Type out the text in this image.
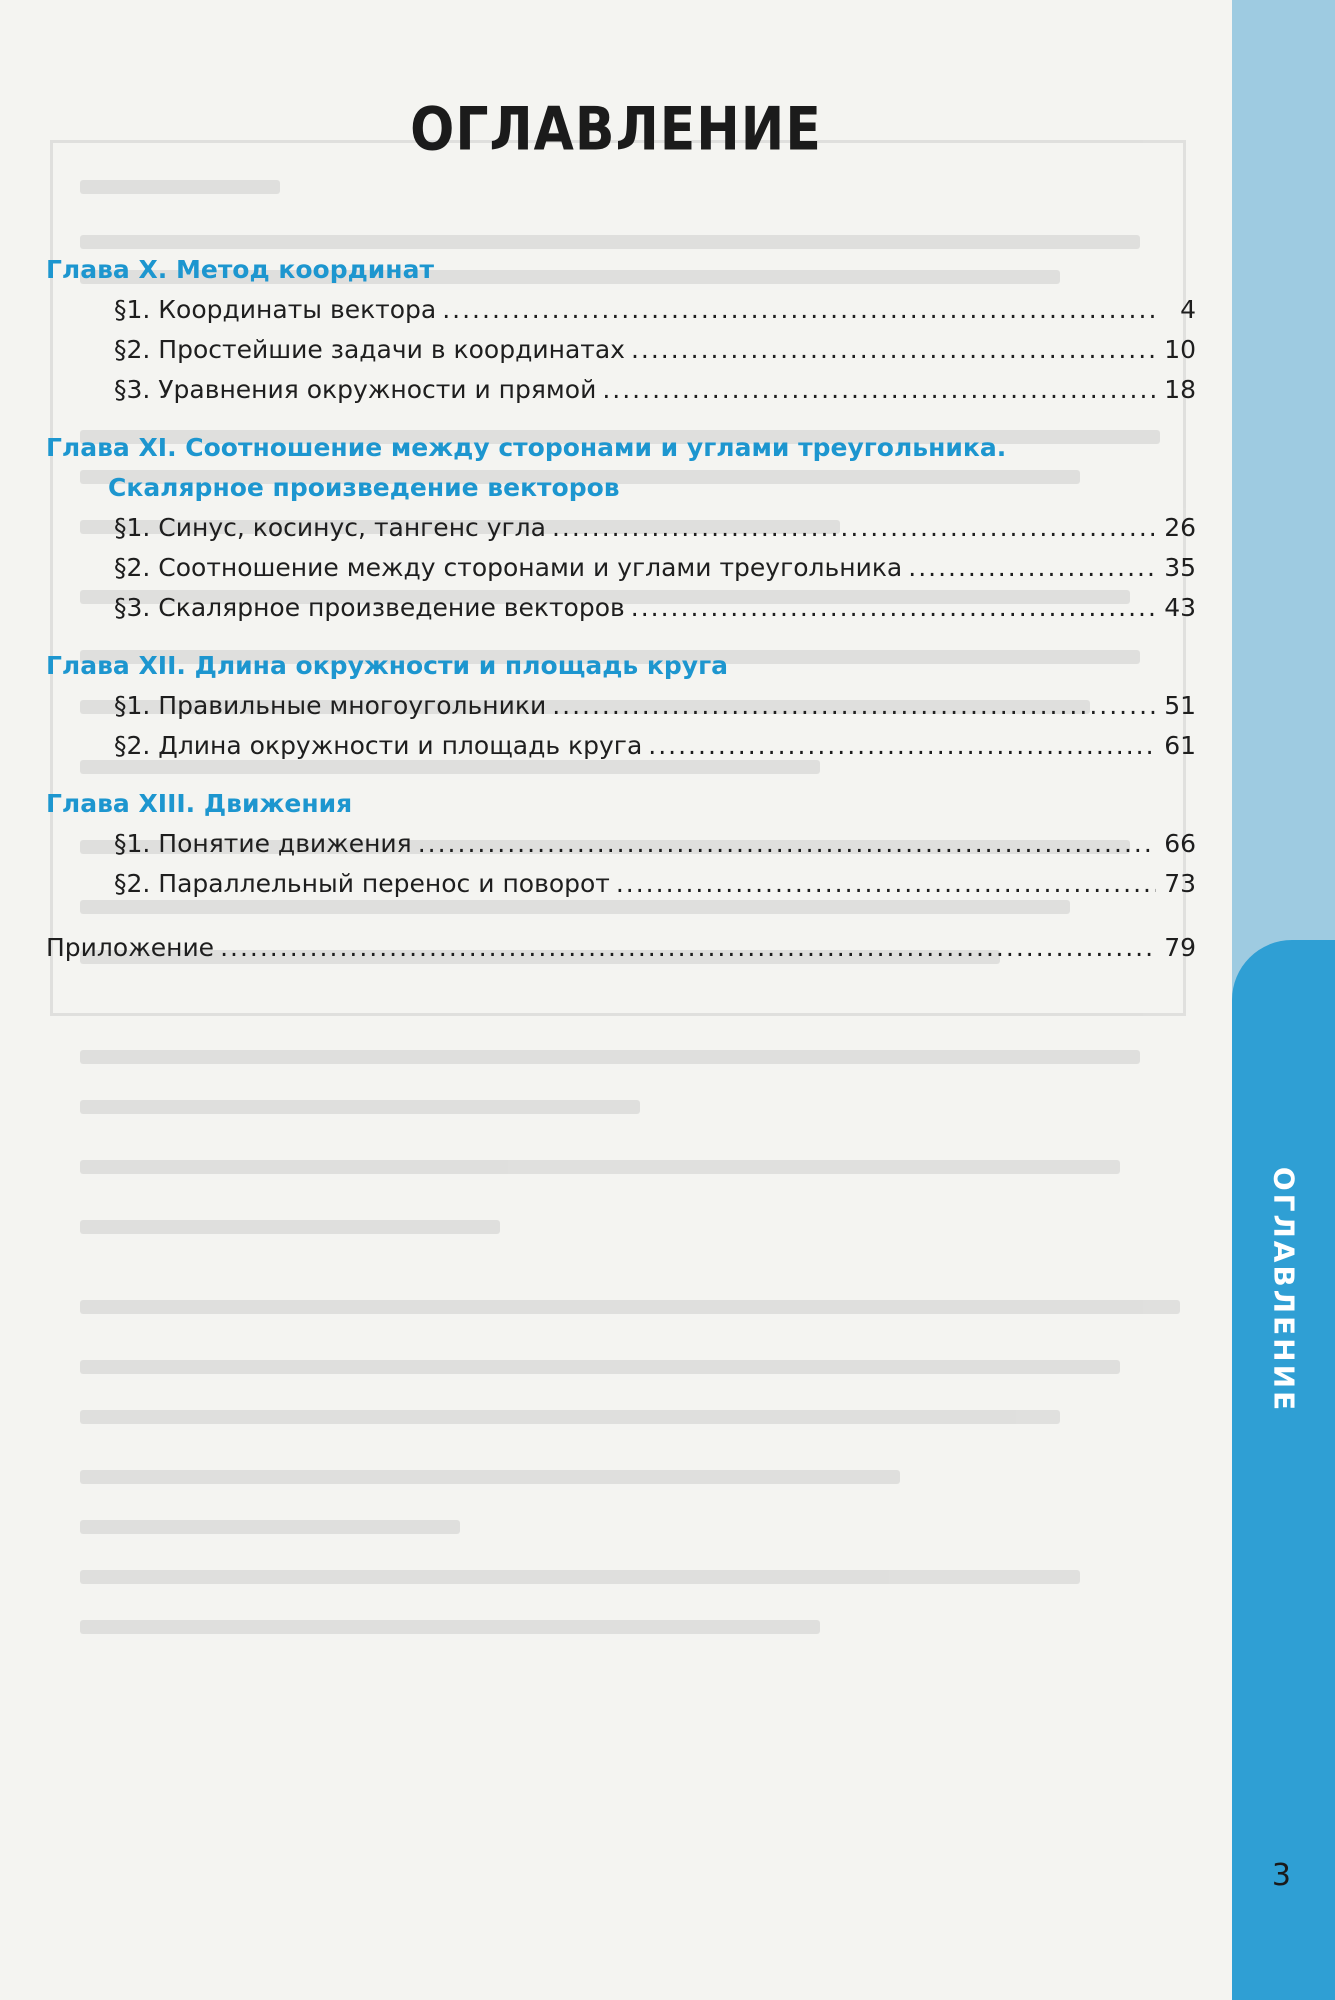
ОГЛАВЛЕНИЕ
ОГЛАВЛЕНИЕ
Глава X. Метод координат
§1. Координаты вектора .....	4
§2. Простейшие задачи в координатах .....	10
§3. Уравнения окружности и прямой .....	18
Глава XI. Соотношение между сторонами и углами треугольника.
Скалярное произведение векторов
§1. Синус, косинус, тангенс угла .....	26
§2. Соотношение между сторонами и углами треугольника .....	35
§3. Скалярное произведение векторов .....	43
Глава XII. Длина окружности и площадь круга
§1. Правильные многоугольники .....	51
§2. Длина окружности и площадь круга .....	61
Глава XIII. Движения
§1. Понятие движения .....	66
§2. Параллельный перенос и поворот .....	73
Приложение .....	79
3
